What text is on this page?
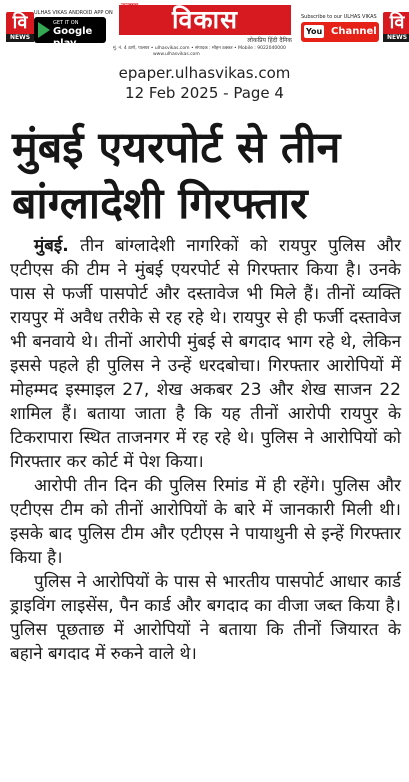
वि
NEWS
ULHAS VIKAS ANDROID APP ON
GET IT ON
Google play
विकास
उल्हास
लोकप्रिय हिंदी दैनिक
मुं. नं. 4 ठाणे, पालघर • ulhasvikas.com • संपादक : मोहन ठक्कर • Mobile : 9022040000
www.ulhasvikas.com
Subscribe to our ULHAS VIKAS
You Channel वि
NEWS
epaper.ulhasvikas.com
12 Feb 2025 - Page 4
मुंबई एयरपोर्ट से तीन
बांग्लादेशी गिरफ्तार

मुंबई. तीन बांग्लादेशी नागरिकों को रायपुर पुलिस और एटीएस की टीम ने मुंबई एयरपोर्ट से गिरफ्तार किया है। उनके पास से फर्जी पासपोर्ट और दस्तावेज भी मिले हैं। तीनों व्यक्ति रायपुर में अवैध तरीके से रह रहे थे। रायपुर से ही फर्जी दस्तावेज भी बनवाये थे। तीनों आरोपी मुंबई से बगदाद भाग रहे थे, लेकिन इससे पहले ही पुलिस ने उन्हें धरदबोचा। गिरफ्तार आरोपियों में मोहम्मद इस्माइल 27, शेख अकबर 23 और शेख साजन 22 शामिल हैं। बताया जाता है कि यह तीनों आरोपी रायपुर के टिकरापारा स्थित ताजनगर में रह रहे थे। पुलिस ने आरोपियों को गिरफ्तार कर कोर्ट में पेश किया।

आरोपी तीन दिन की पुलिस रिमांड में ही रहेंगे। पुलिस और एटीएस टीम को तीनों आरोपियों के बारे में जानकारी मिली थी। इसके बाद पुलिस टीम और एटीएस ने पायाथुनी से इन्हें गिरफ्तार किया है।

पुलिस ने आरोपियों के पास से भारतीय पासपोर्ट आधार कार्ड ड्राइविंग लाइसेंस, पैन कार्ड और बगदाद का वीजा जब्त किया है। पुलिस पूछताछ में आरोपियों ने बताया कि तीनों जियारत के बहाने बगदाद में रुकने वाले थे।
